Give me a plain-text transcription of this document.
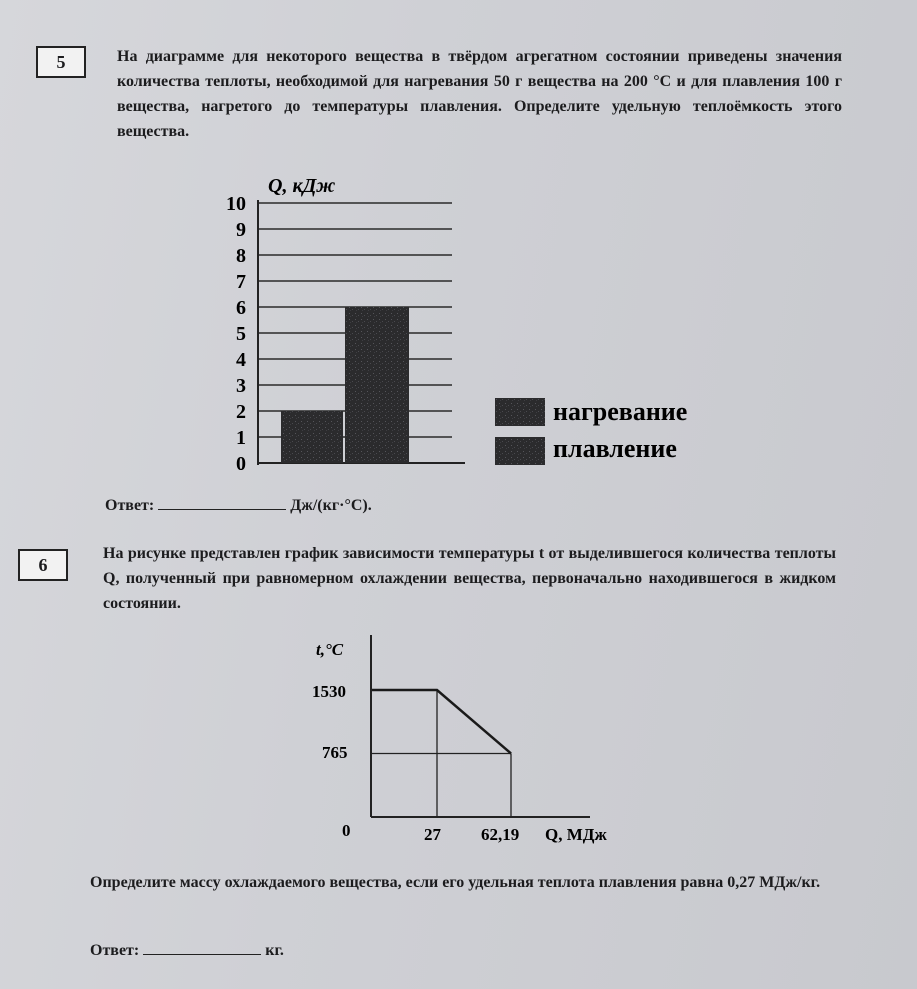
5	На диаграмме для некоторого вещества в твёрдом агрегатном состоянии приведены значения количества теплоты, необходимой для нагревания 50 г вещества на 200 °С и для плавления 100 г вещества, нагретого до температуры плавления. Определите удельную теплоёмкость этого вещества.
0
1
2
3
4
5
6
7
8
9
10
Q, кДж
нагревание
плавление
Ответ:	Дж/(кг·°С).
6
На рисунке представлен график зависимости температуры t от выделившегося количества теплоты Q, полученный при равномерном охлаждении вещества, первоначально находившегося в жидком состоянии.
t,°С
Q, МДж
0
1530
765
27 62,19
Определите массу охлаждаемого вещества, если его удельная теплота плавления равна 0,27 МДж/кг.
Ответ:	кг.
